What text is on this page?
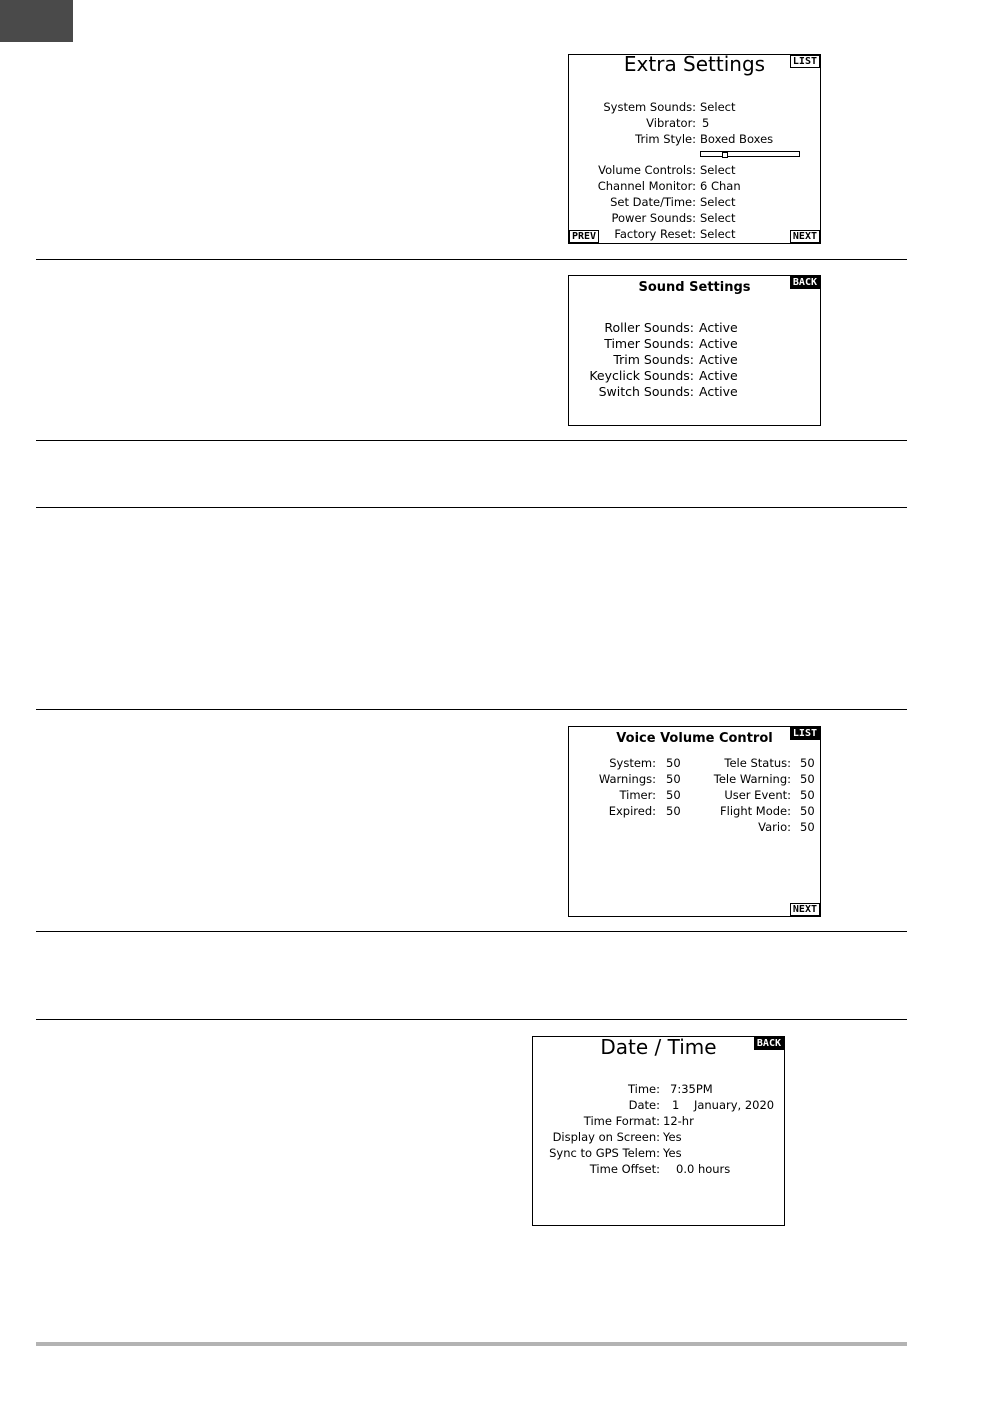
Extra Settings	LIST
System Sounds: Select
Vibrator: 5
Trim Style: Boxed Boxes
Volume Controls: Select
Channel Monitor: 6 Chan
Set Date/Time: Select
Power Sounds: Select
Factory Reset: Select
PREV	NEXT
Sound Settings	BACK
Roller Sounds: Active
Timer Sounds: Active
Trim Sounds: Active
Keyclick Sounds: Active
Switch Sounds: Active
Voice Volume Control	LIST
System: 50
Warnings: 50
Timer: 50
Expired: 50
Tele Status: 50
Tele Warning: 50
User Event: 50
Flight Mode: 50
Vario: 50
NEXT
Date / Time	BACK
Time: 7:35PM
Date: 1    January, 2020
Time Format: 12-hr
Display on Screen: Yes
Sync to GPS Telem: Yes
Time Offset: 0.0 hours
